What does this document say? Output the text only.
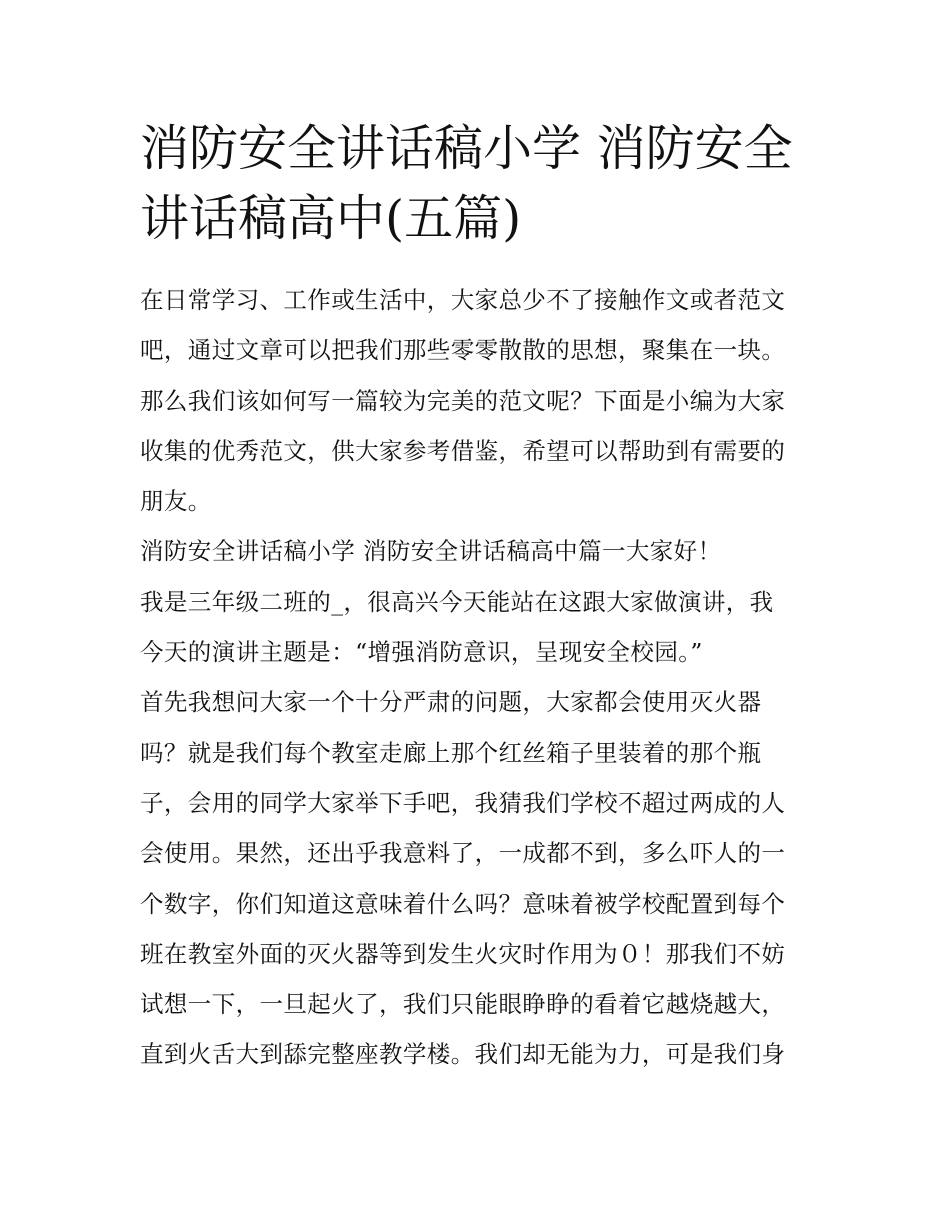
消防安全讲话稿小学 消防安全
讲话稿高中(五篇)
在日常学习、工作或生活中，大家总少不了接触作文或者范文
吧，通过文章可以把我们那些零零散散的思想，聚集在一块。
那么我们该如何写一篇较为完美的范文呢？下面是小编为大家
收集的优秀范文，供大家参考借鉴，希望可以帮助到有需要的
朋友。
消防安全讲话稿小学 消防安全讲话稿高中篇一大家好！
我是三年级二班的_，很高兴今天能站在这跟大家做演讲，我
今天的演讲主题是：“增强消防意识，呈现安全校园。”
首先我想问大家一个十分严肃的问题，大家都会使用灭火器
吗？就是我们每个教室走廊上那个红丝箱子里装着的那个瓶
子，会用的同学大家举下手吧，我猜我们学校不超过两成的人
会使用。果然，还出乎我意料了，一成都不到，多么吓人的一
个数字，你们知道这意味着什么吗？意味着被学校配置到每个
班在教室外面的灭火器等到发生火灾时作用为０！那我们不妨
试想一下，一旦起火了，我们只能眼睁睁的看着它越烧越大，
直到火舌大到舔完整座教学楼。我们却无能为力，可是我们身
